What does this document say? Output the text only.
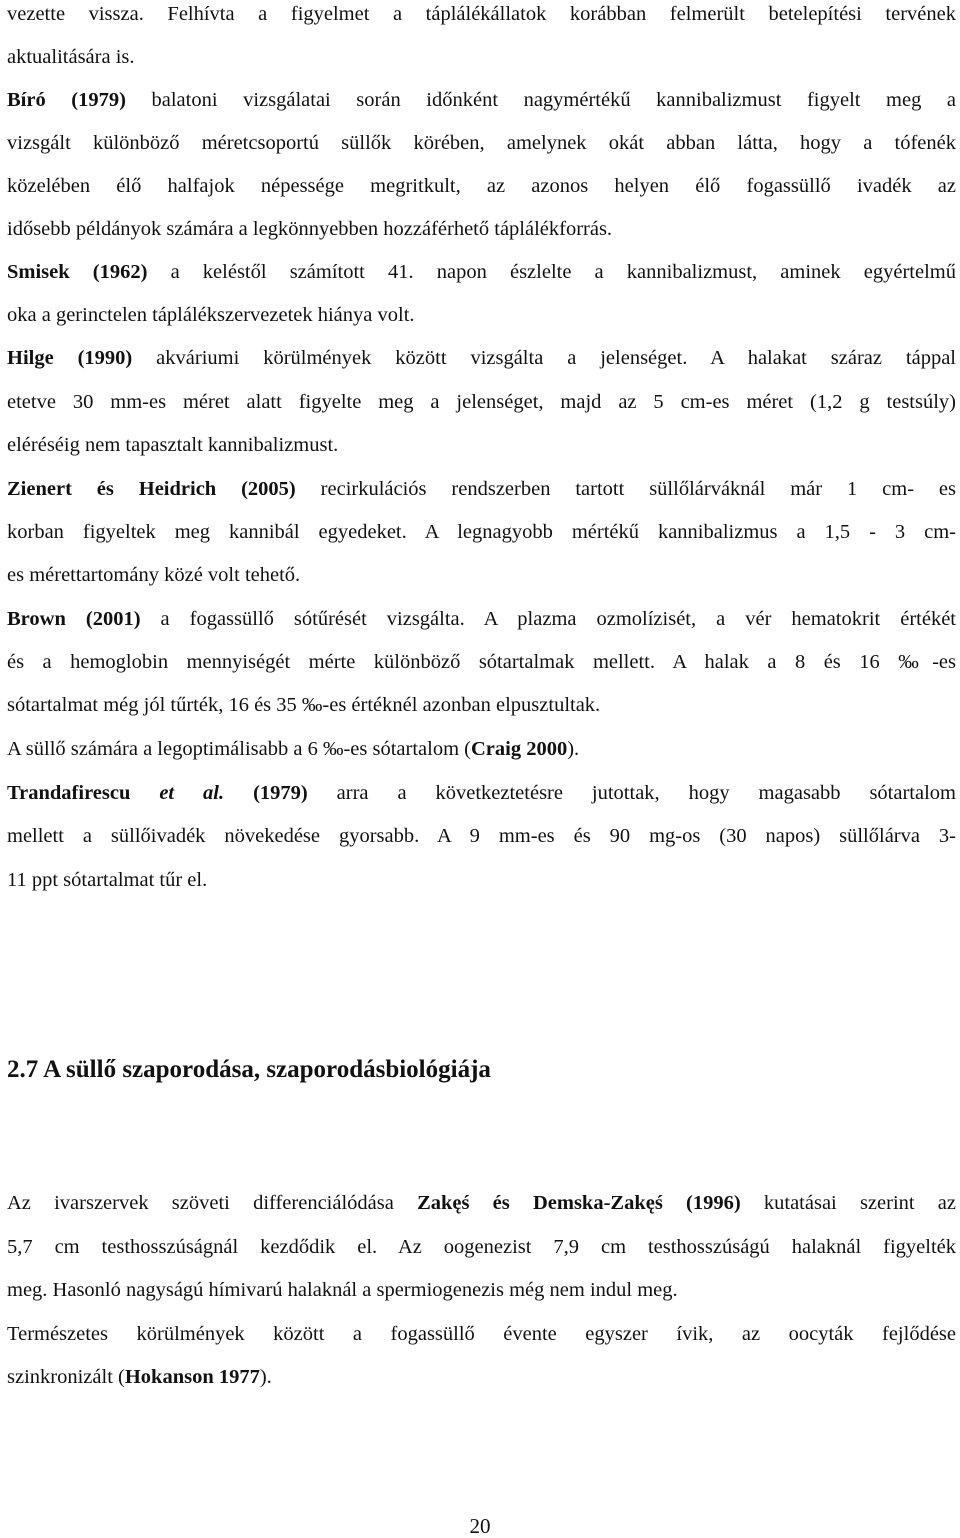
vezette vissza. Felhívta a figyelmet a táplálékállatok korábban felmerült betelepítési tervének
aktualitására is.
Bíró (1979) balatoni vizsgálatai során időnként nagymértékű kannibalizmust figyelt meg a
vizsgált különböző méretcsoportú süllők körében, amelynek okát abban látta, hogy a tófenék
közelében élő halfajok népessége megritkult, az azonos helyen élő fogassüllő ivadék az
idősebb példányok számára a legkönnyebben hozzáférhető táplálékforrás.
Smisek (1962) a keléstől számított 41. napon észlelte a kannibalizmust, aminek egyértelmű
oka a gerinctelen táplálékszervezetek hiánya volt.
Hilge (1990) akváriumi körülmények között vizsgálta a jelenséget. A halakat száraz táppal
etetve 30 mm-es méret alatt figyelte meg a jelenséget, majd az 5 cm-es méret (1,2 g testsúly)
eléréséig nem tapasztalt kannibalizmust.
Zienert és Heidrich (2005) recirkulációs rendszerben tartott süllőlárváknál már 1 cm- es
korban figyeltek meg kannibál egyedeket. A legnagyobb mértékű kannibalizmus a 1,5 - 3 cm-
es mérettartomány közé volt tehető.
Brown (2001) a fogassüllő sótűrését vizsgálta. A plazma ozmolízisét, a vér hematokrit értékét
és a hemoglobin mennyiségét mérte különböző sótartalmak mellett. A halak a 8 és 16 ‰-es
sótartalmat még jól tűrték, 16 és 35 ‰-es értéknél azonban elpusztultak.
A süllő számára a legoptimálisabb a 6 ‰-es sótartalom (Craig 2000).
Trandafirescu et al. (1979) arra a következtetésre jutottak, hogy magasabb sótartalom
mellett a süllőivadék növekedése gyorsabb. A 9 mm-es és 90 mg-os (30 napos) süllőlárva 3-
11 ppt sótartalmat tűr el.
2.7 A süllő szaporodása, szaporodásbiológiája
Az ivarszervek szöveti differenciálódása Zakęś és Demska-Zakęś (1996) kutatásai szerint az
5,7 cm testhosszúságnál kezdődik el. Az oogenezist 7,9 cm testhosszúságú halaknál figyelték
meg. Hasonló nagyságú hímivarú halaknál a spermiogenezis még nem indul meg.
Természetes körülmények között a fogassüllő évente egyszer ívik, az oocyták fejlődése
szinkronizált (Hokanson 1977).
20
